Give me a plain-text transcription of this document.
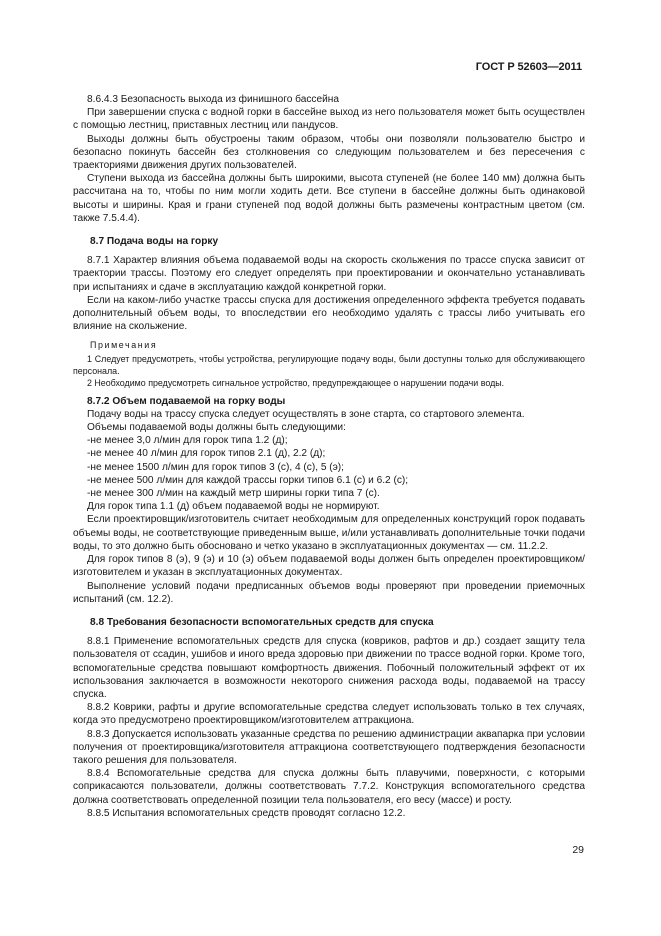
ГОСТ Р 52603—2011

8.6.4.3 Безопасность выхода из финишного бассейна

При завершении спуска с водной горки в бассейне выход из него пользователя может быть осуществлен с помощью лестниц, приставных лестниц или пандусов.

Выходы должны быть обустроены таким образом, чтобы они позволяли пользователю быстро и безопасно покинуть бассейн без столкновения со следующим пользователем и без пересечения с траекториями движения других пользователей.

Ступени выхода из бассейна должны быть широкими, высота ступеней (не более 140 мм) должна быть рассчитана на то, чтобы по ним могли ходить дети. Все ступени в бассейне должны быть одинаковой высоты и ширины. Края и грани ступеней под водой должны быть размечены контрастным цветом (см. также 7.5.4.4).

8.7 Подача воды на горку

8.7.1 Характер влияния объема подаваемой воды на скорость скольжения по трассе спуска зависит от траектории трассы. Поэтому его следует определять при проектировании и окончательно устанавливать при испытаниях и сдаче в эксплуатацию каждой конкретной горки.

Если на каком-либо участке трассы спуска для достижения определенного эффекта требуется подавать дополнительный объем воды, то впоследствии его необходимо удалять с трассы либо учитывать его влияние на скольжение.

Примечания

1 Следует предусмотреть, чтобы устройства, регулирующие подачу воды, были доступны только для обслуживающего персонала.

2 Необходимо предусмотреть сигнальное устройство, предупреждающее о нарушении подачи воды.

8.7.2 Объем подаваемой на горку воды

Подачу воды на трассу спуска следует осуществлять в зоне старта, со стартового элемента.

Объемы подаваемой воды должны быть следующими:

-не менее 3,0 л/мин для горок типа 1.2 (д);

-не менее 40 л/мин для горок типов 2.1 (д), 2.2 (д);

-не менее 1500 л/мин для горок типов 3 (с), 4 (с), 5 (э);

-не менее 500 л/мин для каждой трассы горки типов 6.1 (с) и 6.2 (с);

-не менее 300 л/мин на каждый метр ширины горки типа 7 (с).

Для горок типа 1.1 (д) объем подаваемой воды не нормируют.

Если проектировщик/изготовитель считает необходимым для определенных конструкций горок подавать объемы воды, не соответствующие приведенным выше, и/или устанавливать дополнительные точки подачи воды, то это должно быть обосновано и четко указано в эксплуатационных документах — см. 11.2.2.

Для горок типов 8 (э), 9 (э) и 10 (э) объем подаваемой воды должен быть определен проектировщиком/изготовителем и указан в эксплуатационных документах.

Выполнение условий подачи предписанных объемов воды проверяют при проведении приемочных испытаний (см. 12.2).

8.8 Требования безопасности вспомогательных средств для спуска

8.8.1 Применение вспомогательных средств для спуска (ковриков, рафтов и др.) создает защиту тела пользователя от ссадин, ушибов и иного вреда здоровью при движении по трассе водной горки. Кроме того, вспомогательные средства повышают комфортность движения. Побочный положительный эффект от их использования заключается в возможности некоторого снижения расхода воды, подаваемой на трассу спуска.

8.8.2 Коврики, рафты и другие вспомогательные средства следует использовать только в тех случаях, когда это предусмотрено проектировщиком/изготовителем аттракциона.

8.8.3 Допускается использовать указанные средства по решению администрации аквапарка при условии получения от проектировщика/изготовителя аттракциона соответствующего подтверждения безопасности такого решения для пользователя.

8.8.4 Вспомогательные средства для спуска должны быть плавучими, поверхности, с которыми соприкасаются пользователи, должны соответствовать 7.7.2. Конструкция вспомогательного средства должна соответствовать определенной позиции тела пользователя, его весу (массе) и росту.

8.8.5 Испытания вспомогательных средств проводят согласно 12.2.

29
